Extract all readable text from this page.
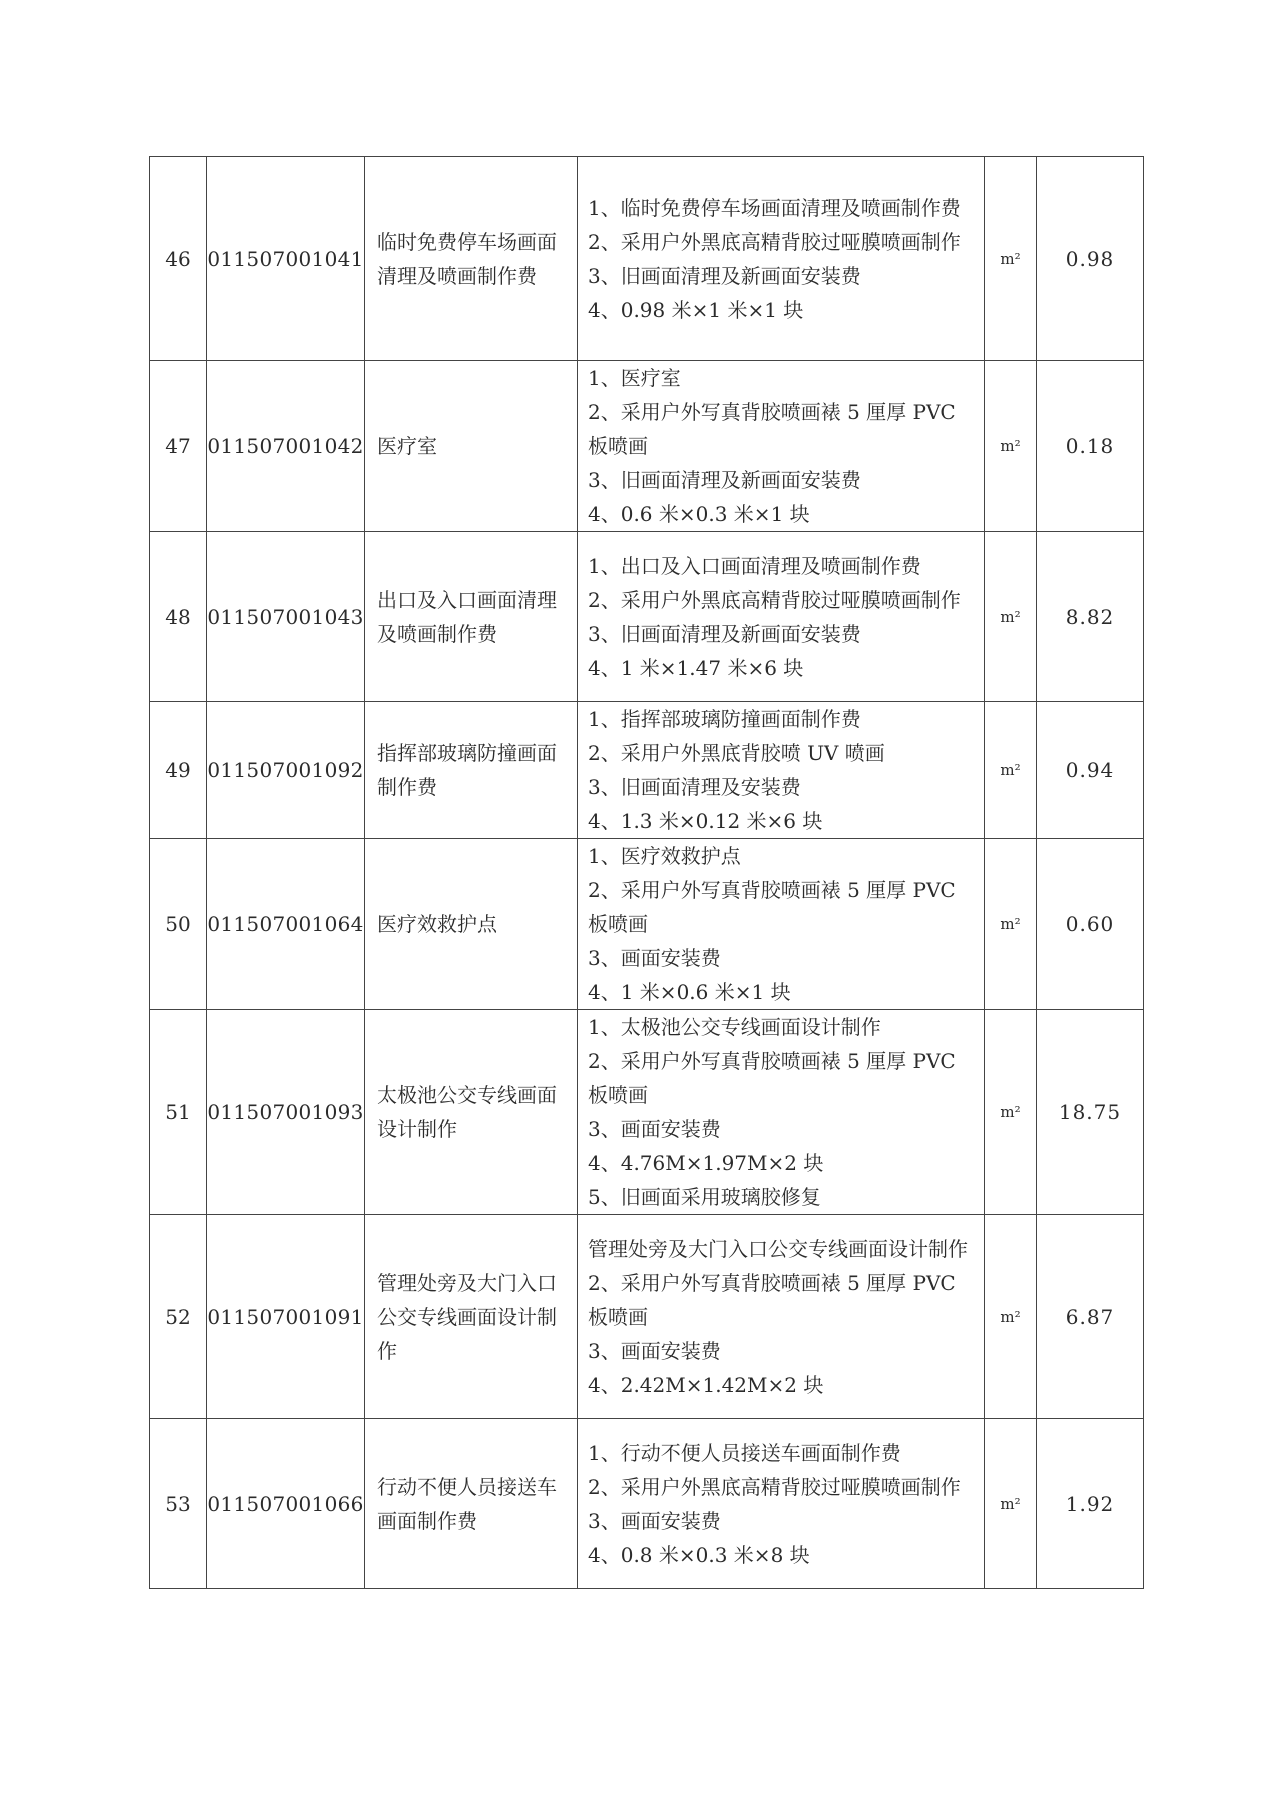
46	011507001041	临时免费停车场画面清理及喷画制作费	1、临时免费停车场画面清理及喷画制作费
2、采用户外黑底高精背胶过哑膜喷画制作
3、旧画面清理及新画面安装费
4、0.98 米×1 米×1 块	m²	0.98
47	011507001042	医疗室	1、医疗室
2、采用户外写真背胶喷画裱 5 厘厚 PVC 板喷画
3、旧画面清理及新画面安装费
4、0.6 米×0.3 米×1 块	m²	0.18
48	011507001043	出口及入口画面清理及喷画制作费	1、出口及入口画面清理及喷画制作费
2、采用户外黑底高精背胶过哑膜喷画制作
3、旧画面清理及新画面安装费
4、1 米×1.47 米×6 块	m²	8.82
49	011507001092	指挥部玻璃防撞画面制作费	1、指挥部玻璃防撞画面制作费
2、采用户外黑底背胶喷 UV 喷画
3、旧画面清理及安装费
4、1.3 米×0.12 米×6 块	m²	0.94
50	011507001064	医疗效救护点	1、医疗效救护点
2、采用户外写真背胶喷画裱 5 厘厚 PVC 板喷画
3、画面安装费
4、1 米×0.6 米×1 块	m²	0.60
51	011507001093	太极池公交专线画面设计制作	1、太极池公交专线画面设计制作
2、采用户外写真背胶喷画裱 5 厘厚 PVC 板喷画
3、画面安装费
4、4.76M×1.97M×2 块
5、旧画面采用玻璃胶修复	m²	18.75
52	011507001091	管理处旁及大门入口公交专线画面设计制作	管理处旁及大门入口公交专线画面设计制作
2、采用户外写真背胶喷画裱 5 厘厚 PVC 板喷画
3、画面安装费
4、2.42M×1.42M×2 块	m²	6.87
53	011507001066	行动不便人员接送车画面制作费	1、行动不便人员接送车画面制作费
2、采用户外黑底高精背胶过哑膜喷画制作
3、画面安装费
4、0.8 米×0.3 米×8 块	m²	1.92
